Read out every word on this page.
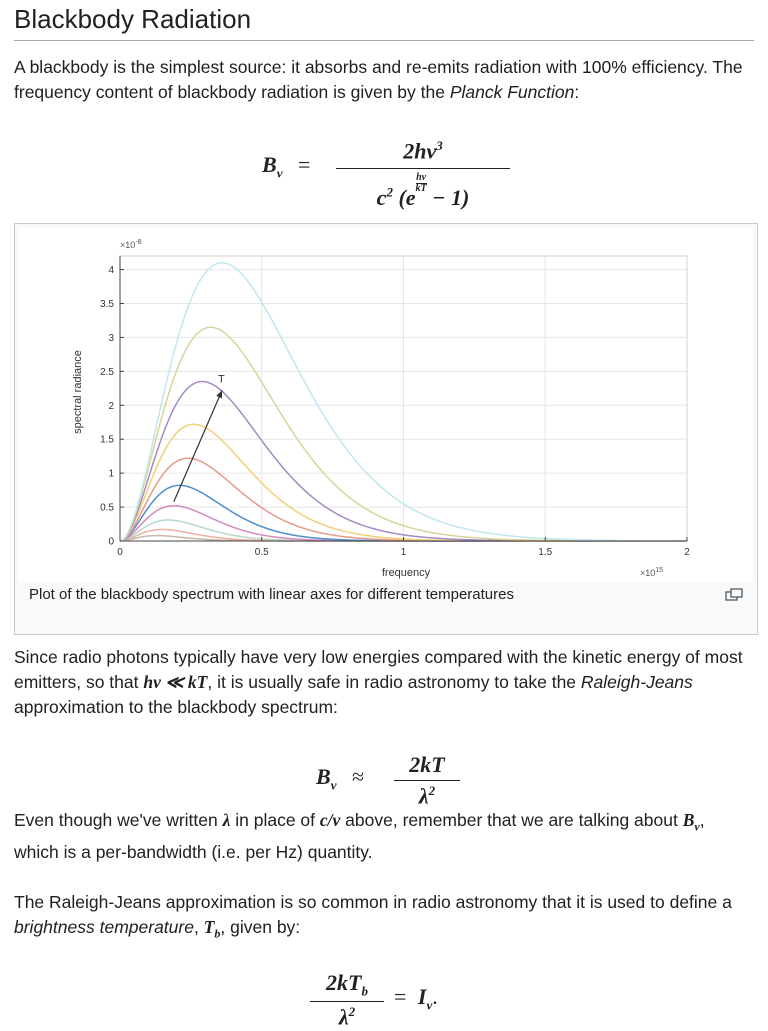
Blackbody Radiation

A blackbody is the simplest source: it absorbs and re-emits radiation with 100% efficiency. The frequency content of blackbody radiation is given by the Planck Function:

$B_\nu$ =
$2h\nu^3$
$c^2$ (e
$\frac{h\nu}{kT}$
− 1)
0	0.5	1	1.5	2
0
0.5
1
1.5
2
2.5
3
3.5
4
spectral radiance
frequency
$\times 10^{-8}$
$\times 10^{15}$
T
Plot of the blackbody spectrum with linear axes for different temperatures

Since radio photons typically have very low energies compared with the kinetic energy of most emitters, so that hν ≪ kT, it is usually safe in radio astronomy to take the Raleigh-Jeans approximation to the blackbody spectrum:

$B_\nu \approx \frac{2kT}{\lambda^2}$

Even though we've written λ in place of c/ν above, remember that we are talking about $B_\nu$, which is a per-bandwidth (i.e. per Hz) quantity.

The Raleigh-Jeans approximation is so common in radio astronomy that it is used to define a brightness temperature, $T_b$, given by:

$2kT_b$
$\lambda^2$
= $I_\nu$.
